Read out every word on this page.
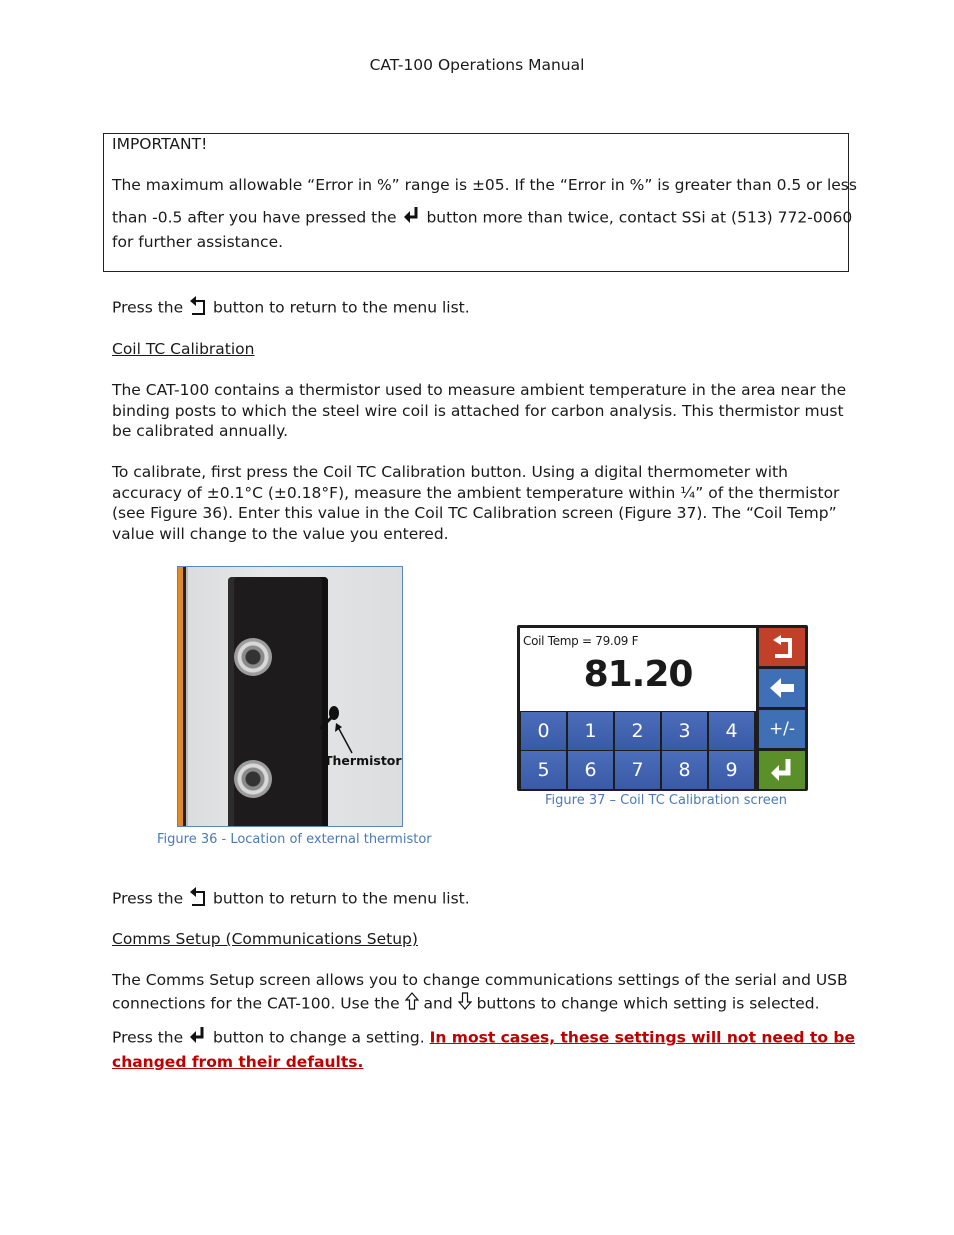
CAT-100 Operations Manual
IMPORTANT!
The maximum allowable “Error in %” range is ±05. If the “Error in %” is greater than 0.5 or less
than -0.5 after you have pressed the button more than twice, contact SSi at (513) 772-0060
for further assistance.
Press the button to return to the menu list.
Coil TC Calibration
The CAT-100 contains a thermistor used to measure ambient temperature in the area near the
binding posts to which the steel wire coil is attached for carbon analysis. This thermistor must
be calibrated annually.
To calibrate, first press the Coil TC Calibration button. Using a digital thermometer with
accuracy of ±0.1°C (±0.18°F), measure the ambient temperature within ¼” of the thermistor
(see Figure 36). Enter this value in the Coil TC Calibration screen (Figure 37). The “Coil Temp”
value will change to the value you entered.
Thermistor
Figure 36 - Location of external thermistor
Coil Temp = 79.09 F
81.20
+/-
0	1	2	3	4
5	6	7	8	9
Figure 37 – Coil TC Calibration screen
Press the button to return to the menu list.
Comms Setup (Communications Setup)
The Comms Setup screen allows you to change communications settings of the serial and USB
connections for the CAT-100. Use the and buttons to change which setting is selected.
Press the button to change a setting. In most cases, these settings will not need to be
changed from their defaults.
